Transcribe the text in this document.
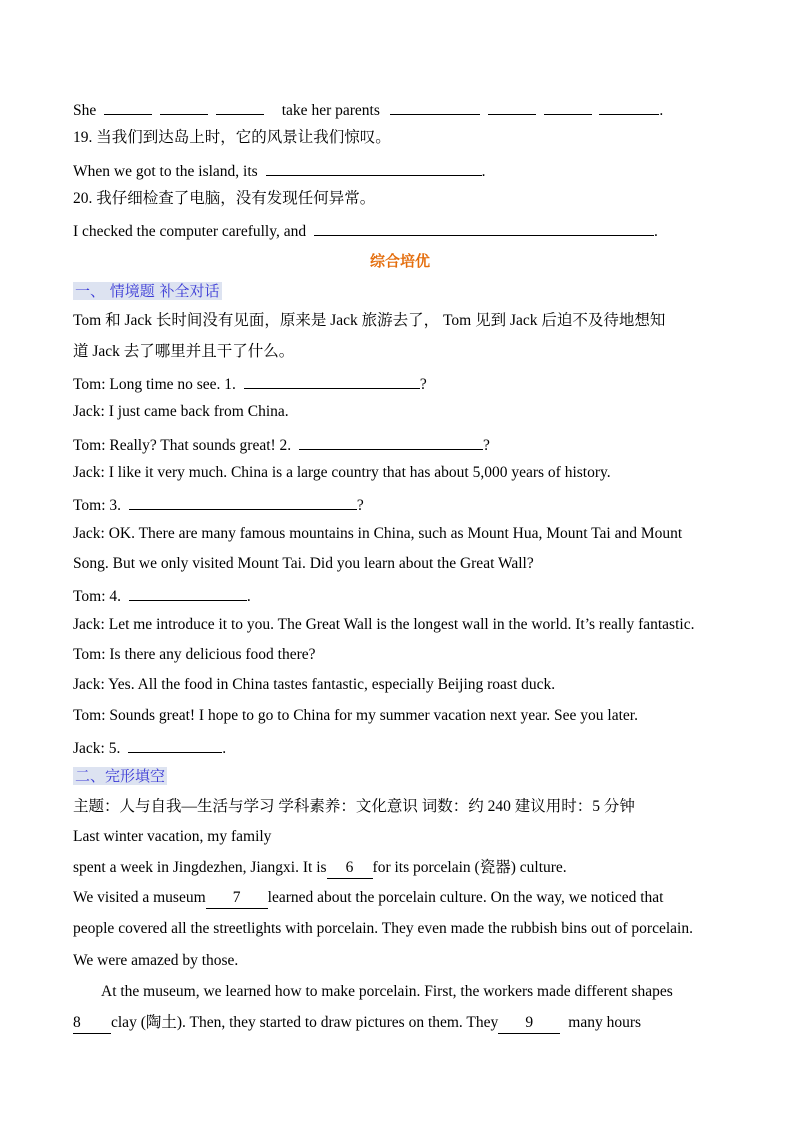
She	take her parents	.
19. 当我们到达岛上时，它的风景让我们惊叹。
When we got to the island, its	.
20. 我仔细检查了电脑，没有发现任何异常。
I checked the computer carefully, and	.
综合培优
一、 情境题 补全对话
Tom 和 Jack 长时间没有见面，原来是 Jack 旅游去了， Tom 见到 Jack 后迫不及待地想知
道 Jack 去了哪里并且干了什么。
Tom: Long time no see. 1.	?
Jack: I just came back from China.
Tom: Really? That sounds great! 2.	?
Jack: I like it very much. China is a large country that has about 5,000 years of history.
Tom: 3.	?
Jack: OK. There are many famous mountains in China, such as Mount Hua, Mount Tai and Mount
Song. But we only visited Mount Tai. Did you learn about the Great Wall?
Tom: 4.	.
Jack: Let me introduce it to you. The Great Wall is the longest wall in the world. It’s really fantastic.
Tom: Is there any delicious food there?
Jack: Yes. All the food in China tastes fantastic, especially Beijing roast duck.
Tom: Sounds great! I hope to go to China for my summer vacation next year. See you later.
Jack: 5.	.
二、完形填空
主题：人与自我—生活与学习 学科素养：文化意识 词数：约 240 建议用时：5 分钟
Last winter vacation, my family
spent a week in Jingdezhen, Jiangxi. It is 6 for its porcelain (瓷器) culture.
We visited a museum 7 learned about the porcelain culture. On the way, we noticed that
people covered all the streetlights with porcelain. They even made the rubbish bins out of porcelain.
We were amazed by those.
At the museum, we learned how to make porcelain. First, the workers made different shapes
8 clay (陶土). Then, they started to draw pictures on them. They 9 many hours
